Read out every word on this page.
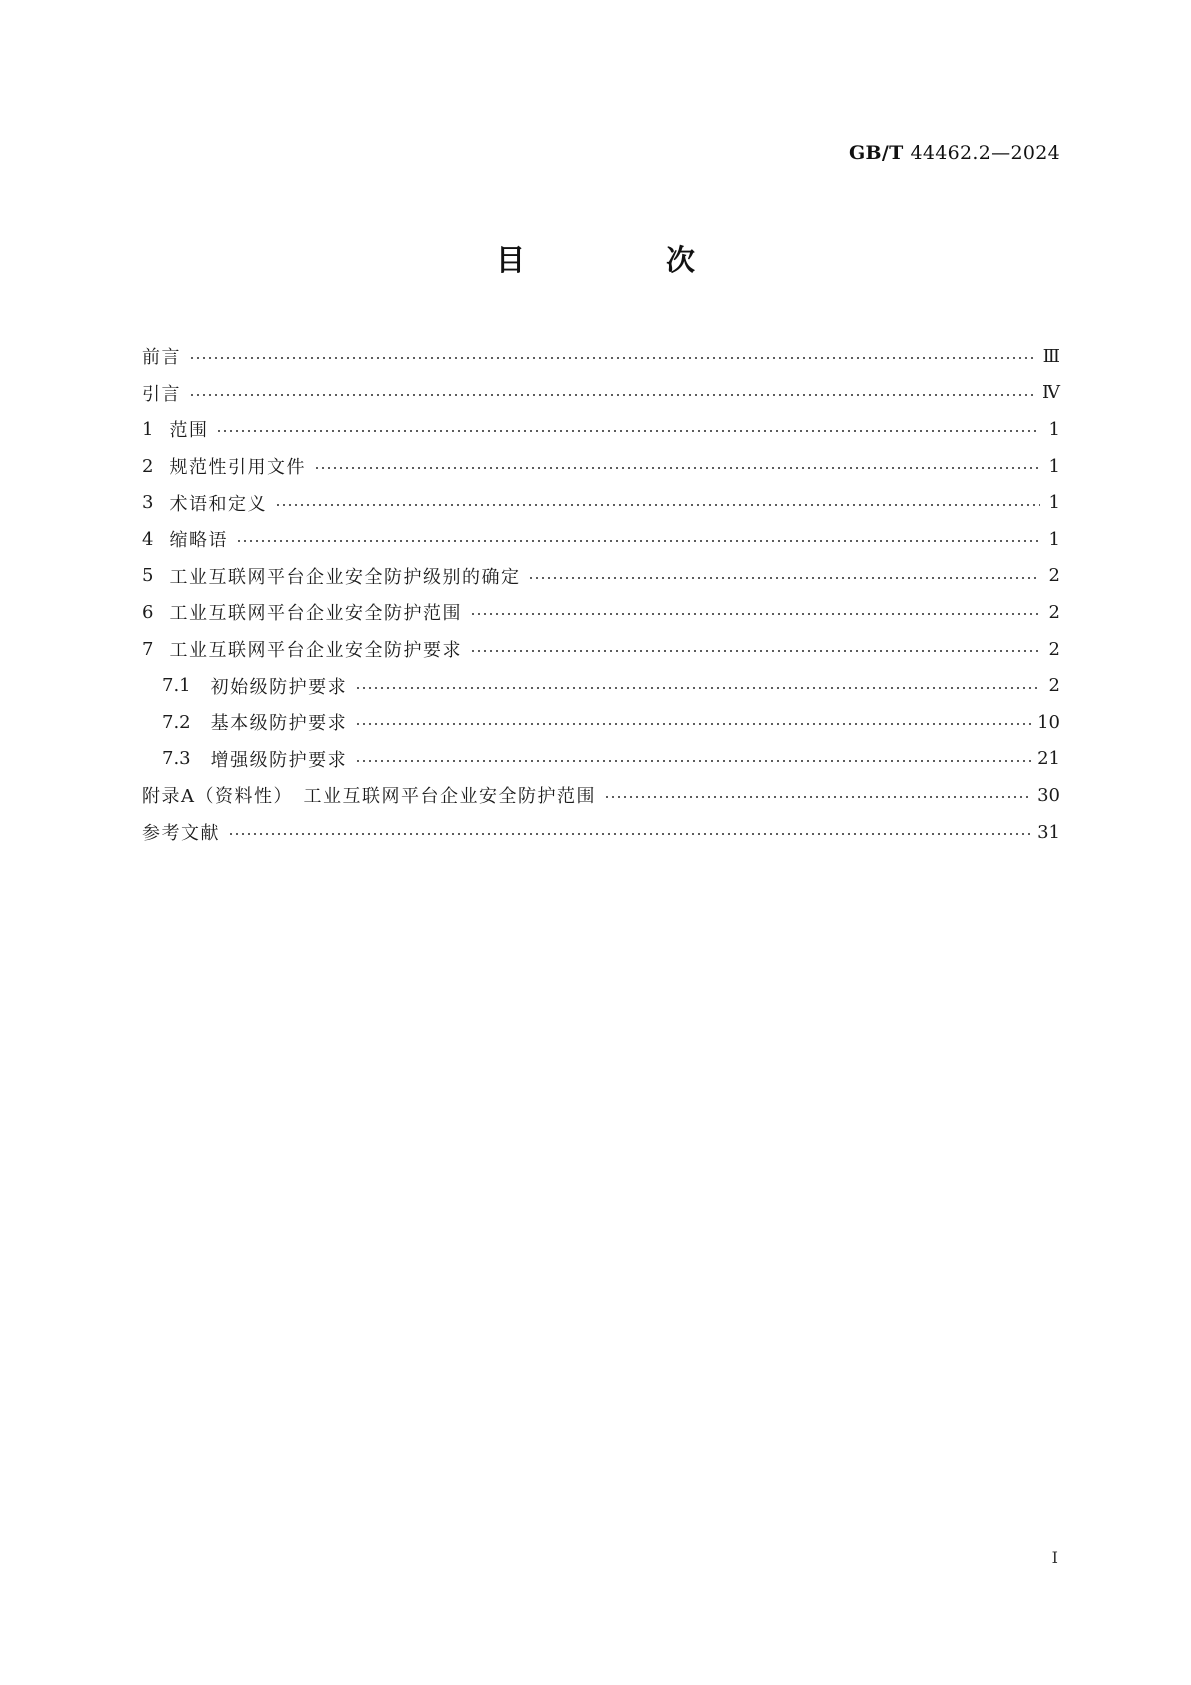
GB/T 44462.2—2024
目　次
前言	Ⅲ
引言	Ⅳ
1 范围	1
2 规范性引用文件	1
3 术语和定义	1
4 缩略语	1
5 工业互联网平台企业安全防护级别的确定	2
6 工业互联网平台企业安全防护范围	2
7 工业互联网平台企业安全防护要求	2
7.1 初始级防护要求	2
7.2 基本级防护要求	10
7.3 增强级防护要求	21
附录A（资料性）　工业互联网平台企业安全防护范围	30
参考文献	31
Ⅰ
